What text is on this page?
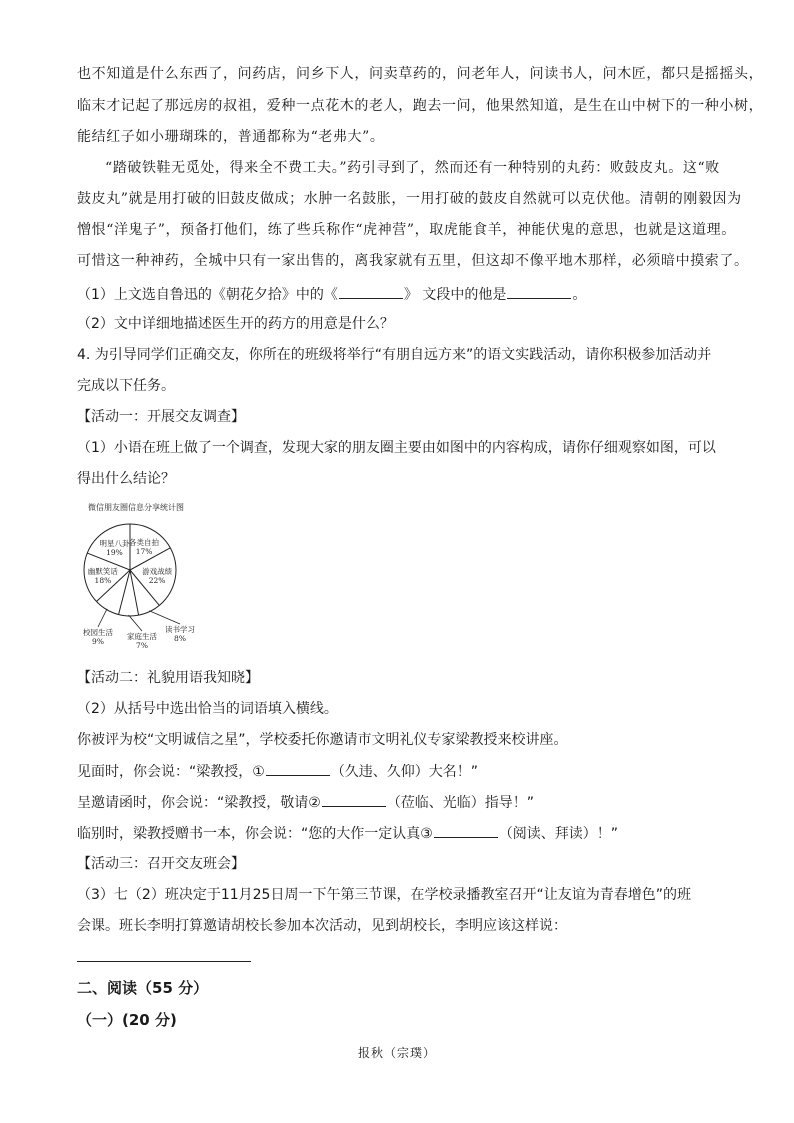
也不知道是什么东西了，问药店，问乡下人，问卖草药的，问老年人，问读书人，问木匠，都只是摇摇头，
临末才记起了那远房的叔祖，爱种一点花木的老人，跑去一问，他果然知道，是生在山中树下的一种小树，
能结红子如小珊瑚珠的，普通都称为“老弗大”。
“踏破铁鞋无觅处，得来全不费工夫。”药引寻到了，然而还有一种特别的丸药：败鼓皮丸。这“败
鼓皮丸”就是用打破的旧鼓皮做成；水肿一名鼓胀，一用打破的鼓皮自然就可以克伏他。清朝的刚毅因为
憎恨“洋鬼子”，预备打他们，练了些兵称作“虎神营”，取虎能食羊，神能伏鬼的意思，也就是这道理。
可惜这一种神药，全城中只有一家出售的，离我家就有五里，但这却不像平地木那样，必须暗中摸索了。
（1）上文选自鲁迅的《朝花夕拾》中的《	》 文段中的他是	。
（2）文中详细地描述医生开的药方的用意是什么？
4. 为引导同学们正确交友，你所在的班级将举行“有朋自远方来”的语文实践活动，请你积极参加活动并
完成以下任务。
【活动一：开展交友调查】
（1）小语在班上做了一个调查，发现大家的朋友圈主要由如图中的内容构成，请你仔细观察如图，可以
得出什么结论？
微信朋友圈信息分享统计图
各类自拍
17%
游戏战绩
22%
读书学习
8%
家庭生活
7%
校园生活
9%
幽默笑话
18%
明星八卦
19%
【活动二：礼貌用语我知晓】
（2）从括号中选出恰当的词语填入横线。
你被评为校“文明诚信之星”，学校委托你邀请市文明礼仪专家梁教授来校讲座。
见面时，你会说：“梁教授，①	（久违、久仰）大名！”
呈邀请函时，你会说：“梁教授，敬请②	（莅临、光临）指导！”
临别时，梁教授赠书一本，你会说：“您的大作一定认真③	（阅读、拜读）！”
【活动三：召开交友班会】
（3）七（2）班决定于11月25日周一下午第三节课，在学校录播教室召开“让友谊为青春增色”的班
会课。班长李明打算邀请胡校长参加本次活动，见到胡校长，李明应该这样说：
二、阅读（55 分）
（一）(20 分)
报秋（宗璞）
